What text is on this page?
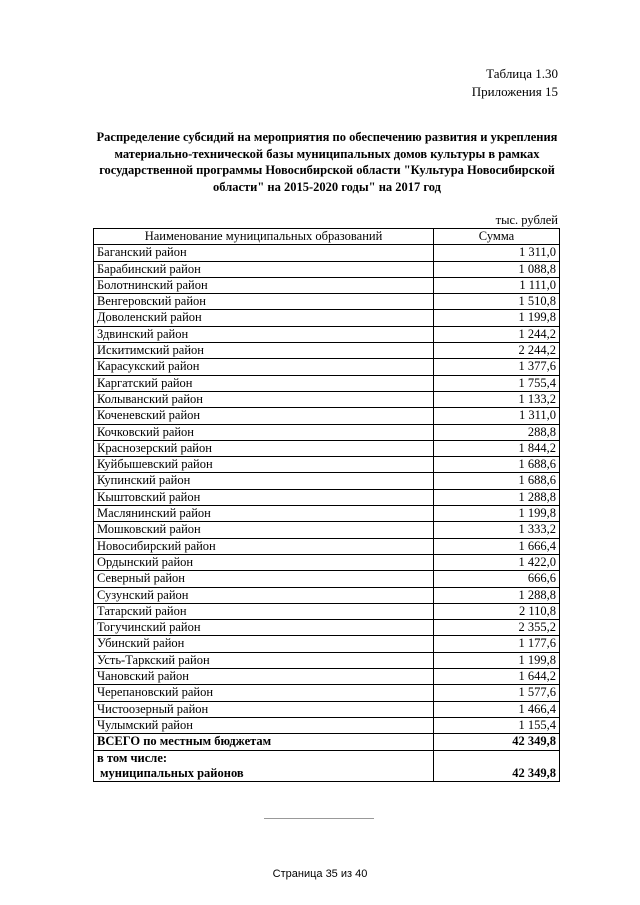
Таблица 1.30
Приложения 15
Распределение субсидий на мероприятия по обеспечению развития и укрепления
материально-технической базы муниципальных домов культуры в рамках
государственной программы Новосибирской области "Культура Новосибирской
области" на 2015-2020 годы" на 2017 год
тыс. рублей
Наименование муниципальных образований	Сумма
Баганский район	1 311,0
Барабинский район	1 088,8
Болотнинский район	1 111,0
Венгеровский район	1 510,8
Доволенский район	1 199,8
Здвинский район	1 244,2
Искитимский район	2 244,2
Карасукский район	1 377,6
Каргатский район	1 755,4
Колыванский район	1 133,2
Коченевский район	1 311,0
Кочковский район	288,8
Краснозерский район	1 844,2
Куйбышевский район	1 688,6
Купинский район	1 688,6
Кыштовский район	1 288,8
Маслянинский район	1 199,8
Мошковский район	1 333,2
Новосибирский район	1 666,4
Ордынский район	1 422,0
Северный район	666,6
Сузунский район	1 288,8
Татарский район	2 110,8
Тогучинский район	2 355,2
Убинский район	1 177,6
Усть-Таркский район	1 199,8
Чановский район	1 644,2
Черепановский район	1 577,6
Чистоозерный район	1 466,4
Чулымский район	1 155,4
ВСЕГО по местным бюджетам	42 349,8
в том числе:	
муниципальных районов	42 349,8
Страница 35 из 40
